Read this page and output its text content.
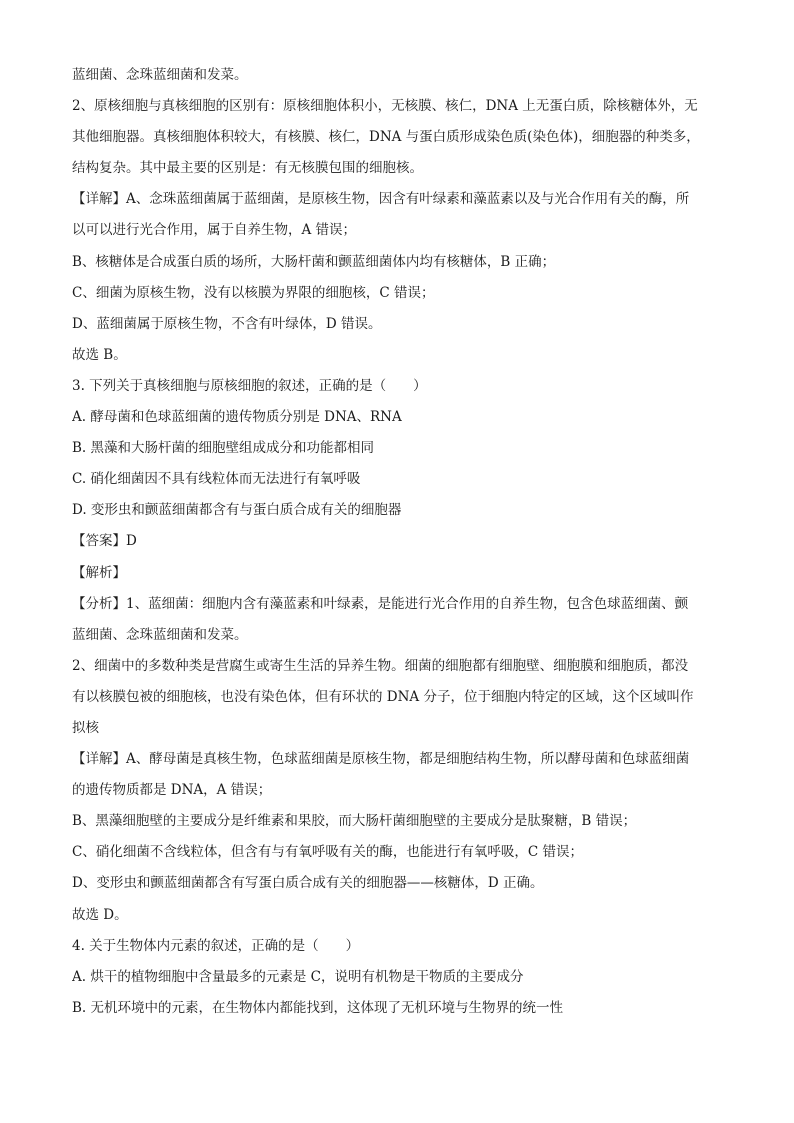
蓝细菌、念珠蓝细菌和发菜。
2、原核细胞与真核细胞的区别有：原核细胞体积小，无核膜、核仁，DNA 上无蛋白质，除核糖体外，无
其他细胞器。真核细胞体积较大，有核膜、核仁，DNA 与蛋白质形成染色质(染色体)，细胞器的种类多，
结构复杂。其中最主要的区别是：有无核膜包围的细胞核。
【详解】A、念珠蓝细菌属于蓝细菌，是原核生物，因含有叶绿素和藻蓝素以及与光合作用有关的酶，所
以可以进行光合作用，属于自养生物，A 错误；
B、核糖体是合成蛋白质的场所，大肠杆菌和颤蓝细菌体内均有核糖体，B 正确；
C、细菌为原核生物，没有以核膜为界限的细胞核，C 错误；
D、蓝细菌属于原核生物，不含有叶绿体，D 错误。
故选 B。
3. 下列关于真核细胞与原核细胞的叙述，正确的是（　　）
A. 酵母菌和色球蓝细菌的遗传物质分别是 DNA、RNA
B. 黑藻和大肠杆菌的细胞壁组成成分和功能都相同
C. 硝化细菌因不具有线粒体而无法进行有氧呼吸
D. 变形虫和颤蓝细菌都含有与蛋白质合成有关的细胞器
【答案】D
【解析】
【分析】1、蓝细菌：细胞内含有藻蓝素和叶绿素，是能进行光合作用的自养生物，包含色球蓝细菌、颤
蓝细菌、念珠蓝细菌和发菜。
2、细菌中的多数种类是营腐生或寄生生活的异养生物。细菌的细胞都有细胞壁、细胞膜和细胞质，都没
有以核膜包被的细胞核，也没有染色体，但有环状的 DNA 分子，位于细胞内特定的区域，这个区域叫作
拟核
【详解】A、酵母菌是真核生物，色球蓝细菌是原核生物，都是细胞结构生物，所以酵母菌和色球蓝细菌
的遗传物质都是 DNA，A 错误；
B、黑藻细胞壁的主要成分是纤维素和果胶，而大肠杆菌细胞壁的主要成分是肽聚糖，B 错误；
C、硝化细菌不含线粒体，但含有与有氧呼吸有关的酶，也能进行有氧呼吸，C 错误；
D、变形虫和颤蓝细菌都含有写蛋白质合成有关的细胞器——核糖体，D 正确。
故选 D。
4. 关于生物体内元素的叙述，正确的是（　　）
A. 烘干的植物细胞中含量最多的元素是 C，说明有机物是干物质的主要成分
B. 无机环境中的元素，在生物体内都能找到，这体现了无机环境与生物界的统一性
